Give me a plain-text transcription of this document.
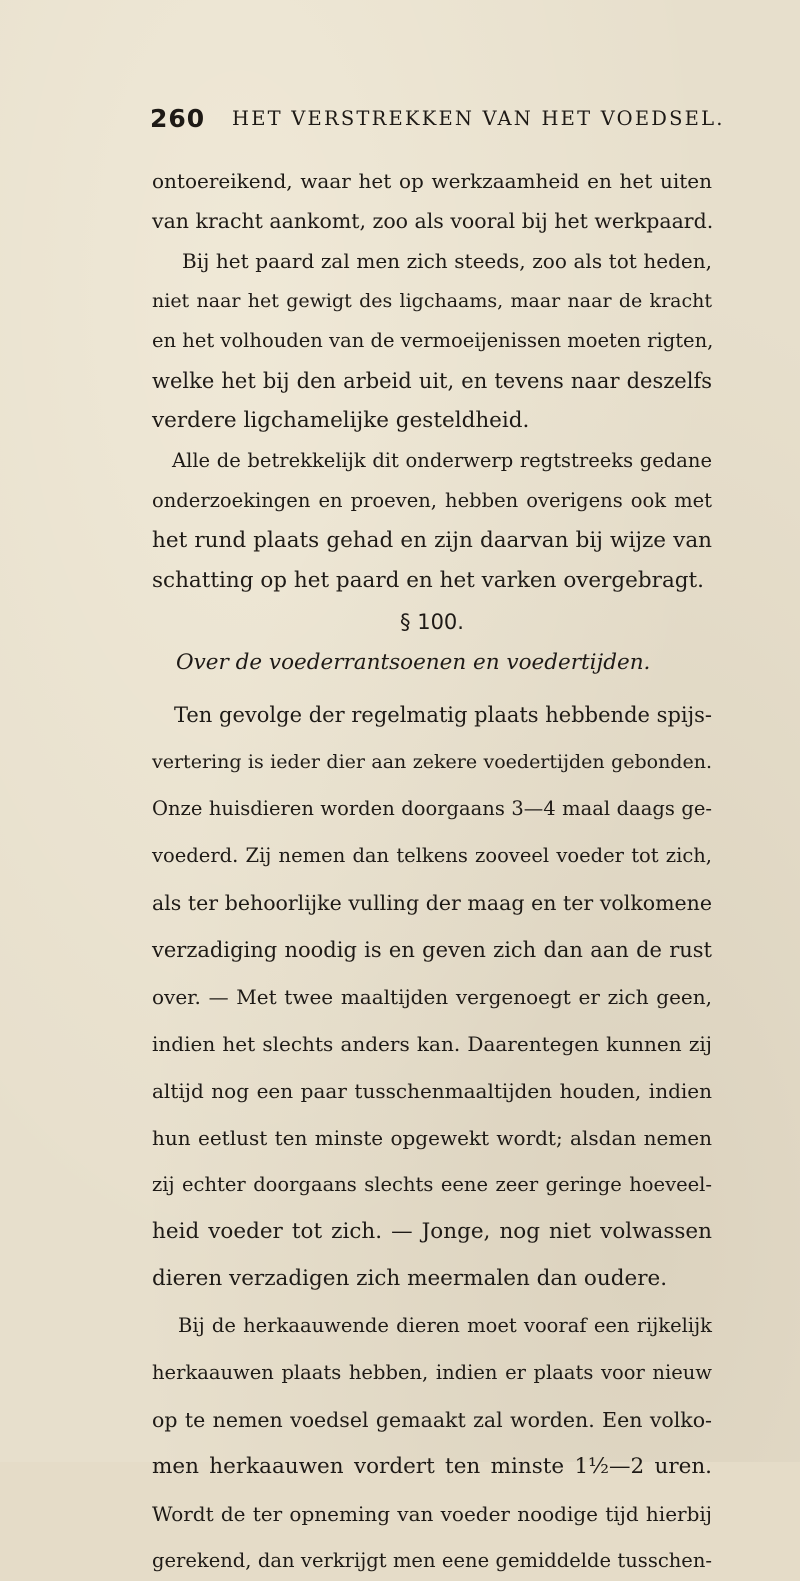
260 HET VERSTREKKEN VAN HET VOEDSEL.
ontoereikend, waar het op werkzaamheid en het uiten
van kracht aankomt, zoo als vooral bij het werkpaard.
Bij het paard zal men zich steeds, zoo als tot heden,
niet naar het gewigt des ligchaams, maar naar de kracht
en het volhouden van de vermoeijenissen moeten rigten,
welke het bij den arbeid uit, en tevens naar deszelfs
verdere ligchamelijke gesteldheid.
Alle de betrekkelijk dit onderwerp regtstreeks gedane
onderzoekingen en proeven, hebben overigens ook met
het rund plaats gehad en zijn daarvan bij wijze van
schatting op het paard en het varken overgebragt.
§ 100.
Over de voederrantsoenen en voedertijden.
Ten gevolge der regelmatig plaats hebbende spijs-
vertering is ieder dier aan zekere voedertijden gebonden.
Onze huisdieren worden doorgaans 3—4 maal daags ge-
voederd. Zij nemen dan telkens zooveel voeder tot zich,
als ter behoorlijke vulling der maag en ter volkomene
verzadiging noodig is en geven zich dan aan de rust
over. — Met twee maaltijden vergenoegt er zich geen,
indien het slechts anders kan. Daarentegen kunnen zij
altijd nog een paar tusschenmaaltijden houden, indien
hun eetlust ten minste opgewekt wordt; alsdan nemen
zij echter doorgaans slechts eene zeer geringe hoeveel-
heid voeder tot zich. — Jonge, nog niet volwassen
dieren verzadigen zich meermalen dan oudere.
Bij de herkaauwende dieren moet vooraf een rijkelijk
herkaauwen plaats hebben, indien er plaats voor nieuw
op te nemen voedsel gemaakt zal worden. Een volko-
men herkaauwen vordert ten minste 1½—2 uren.
Wordt de ter opneming van voeder noodige tijd hierbij
gerekend, dan verkrijgt men eene gemiddelde tusschen-
